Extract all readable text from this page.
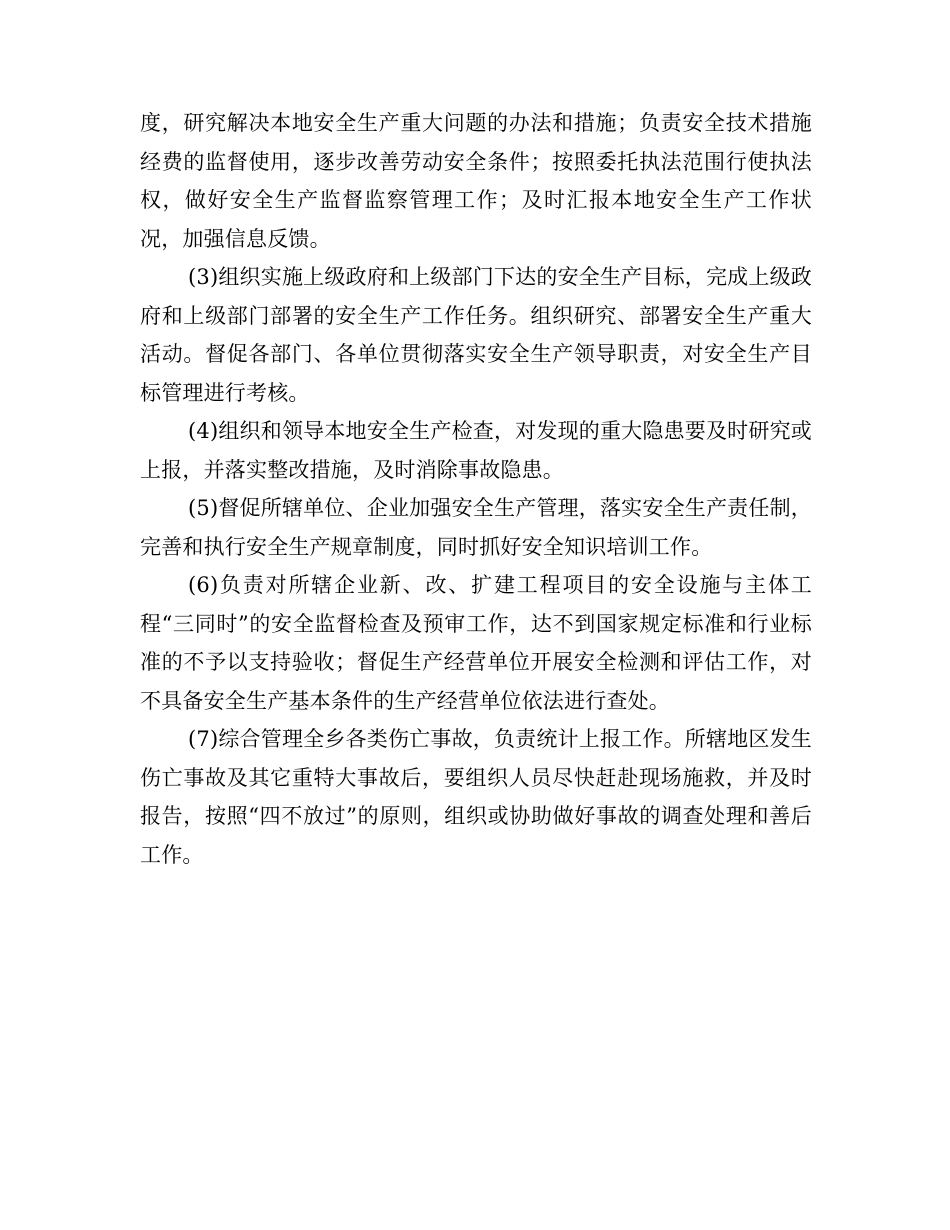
度，研究解决本地安全生产重大问题的办法和措施；负责安全技术措施经费的监督使用，逐步改善劳动安全条件；按照委托执法范围行使执法权，做好安全生产监督监察管理工作；及时汇报本地安全生产工作状况，加强信息反馈。

(3)组织实施上级政府和上级部门下达的安全生产目标，完成上级政府和上级部门部署的安全生产工作任务。组织研究、部署安全生产重大活动。督促各部门、各单位贯彻落实安全生产领导职责，对安全生产目标管理进行考核。

(4)组织和领导本地安全生产检查，对发现的重大隐患要及时研究或上报，并落实整改措施，及时消除事故隐患。

(5)督促所辖单位、企业加强安全生产管理，落实安全生产责任制，完善和执行安全生产规章制度，同时抓好安全知识培训工作。

(6)负责对所辖企业新、改、扩建工程项目的安全设施与主体工程“三同时”的安全监督检查及预审工作，达不到国家规定标准和行业标准的不予以支持验收；督促生产经营单位开展安全检测和评估工作，对不具备安全生产基本条件的生产经营单位依法进行查处。

(7)综合管理全乡各类伤亡事故，负责统计上报工作。所辖地区发生伤亡事故及其它重特大事故后，要组织人员尽快赶赴现场施救，并及时报告，按照“四不放过”的原则，组织或协助做好事故的调查处理和善后工作。
